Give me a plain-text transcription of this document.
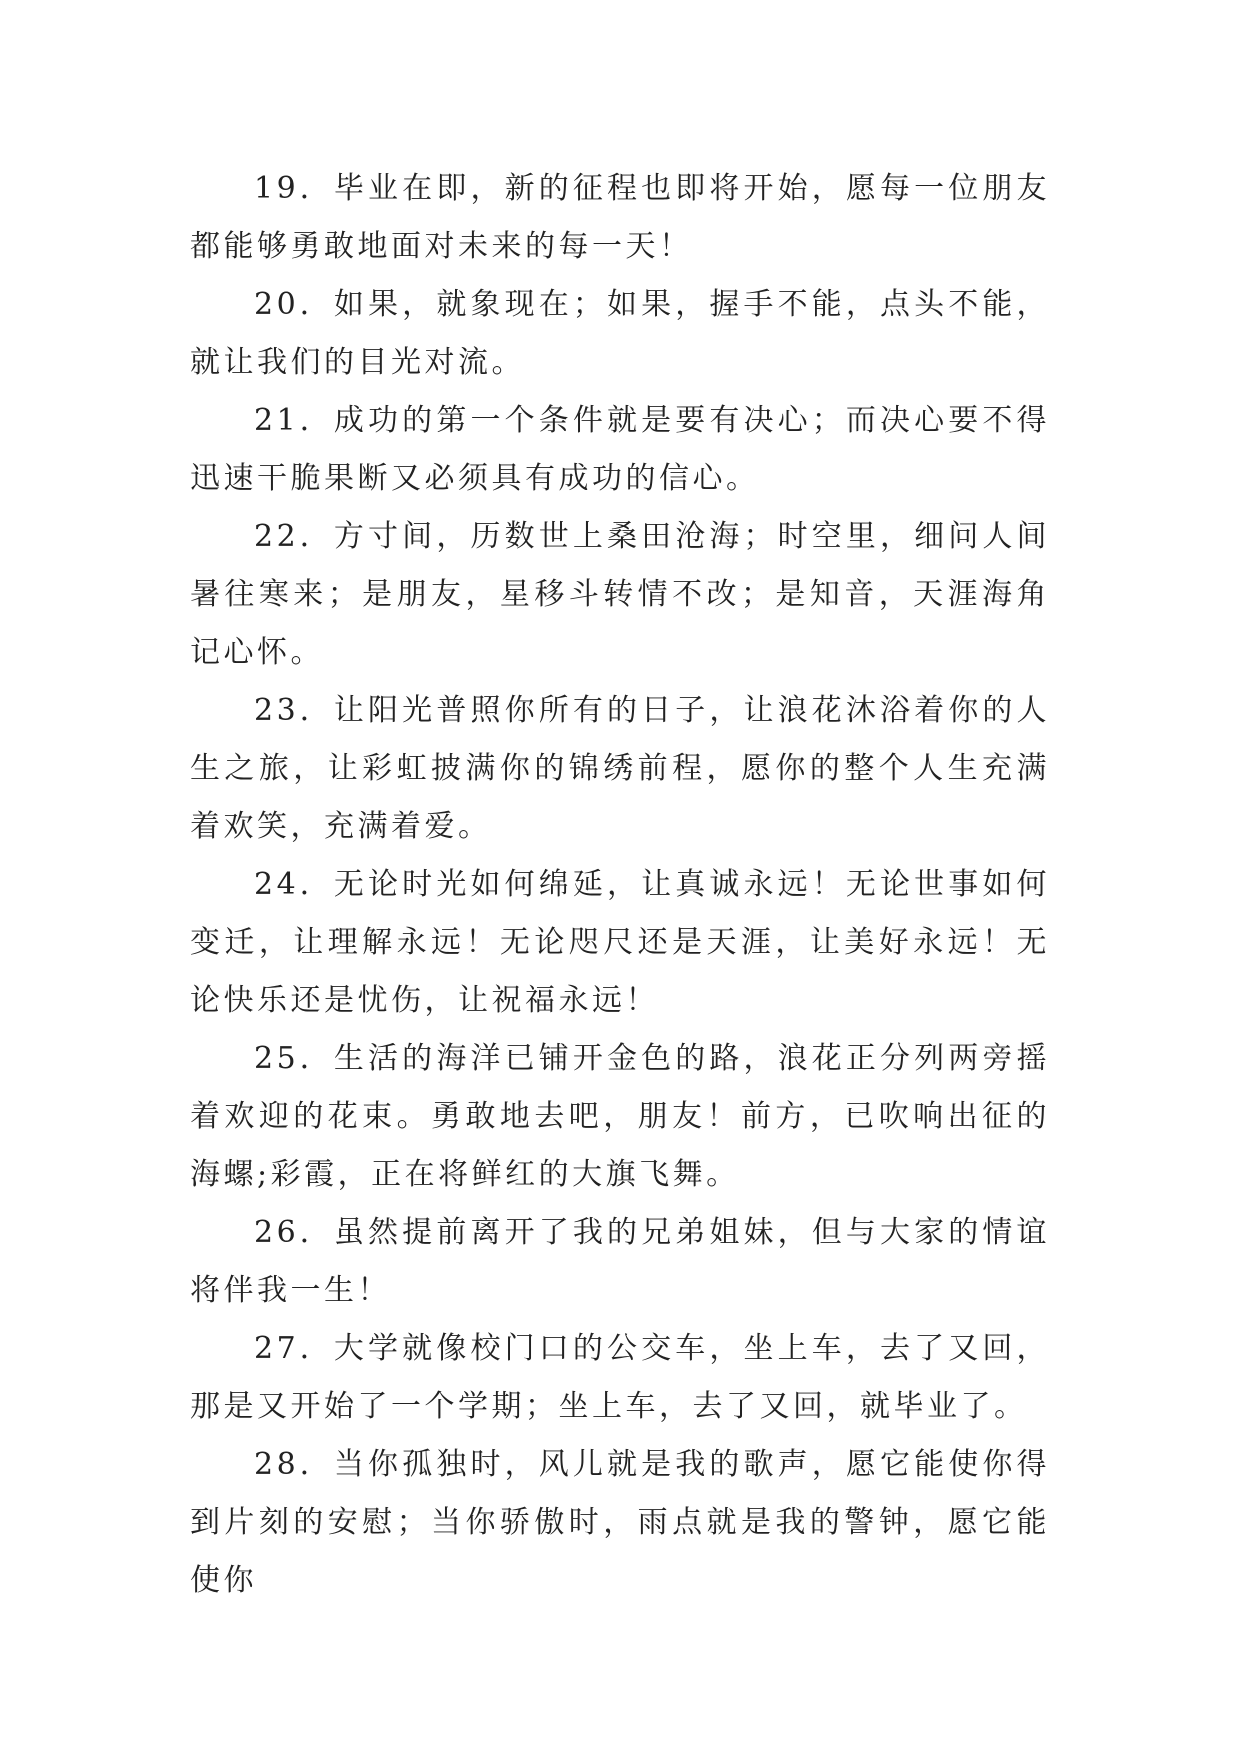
19．毕业在即，新的征程也即将开始，愿每一位朋友都能够勇敢地面对未来的每一天！

20．如果，就象现在；如果，握手不能，点头不能，就让我们的目光对流。

21．成功的第一个条件就是要有决心；而决心要不得迅速干脆果断又必须具有成功的信心。

22．方寸间，历数世上桑田沧海；时空里，细问人间暑往寒来；是朋友，星移斗转情不改；是知音，天涯海角记心怀。

23．让阳光普照你所有的日子，让浪花沐浴着你的人生之旅，让彩虹披满你的锦绣前程，愿你的整个人生充满着欢笑，充满着爱。

24．无论时光如何绵延，让真诚永远！无论世事如何变迁，让理解永远！无论咫尺还是天涯，让美好永远！无论快乐还是忧伤，让祝福永远！

25．生活的海洋已铺开金色的路，浪花正分列两旁摇着欢迎的花束。勇敢地去吧，朋友！前方，已吹响出征的海螺;彩霞，正在将鲜红的大旗飞舞。

26．虽然提前离开了我的兄弟姐妹，但与大家的情谊将伴我一生！

27．大学就像校门口的公交车，坐上车，去了又回，那是又开始了一个学期；坐上车，去了又回，就毕业了。

28．当你孤独时，风儿就是我的歌声，愿它能使你得到片刻的安慰；当你骄傲时，雨点就是我的警钟，愿它能使你
